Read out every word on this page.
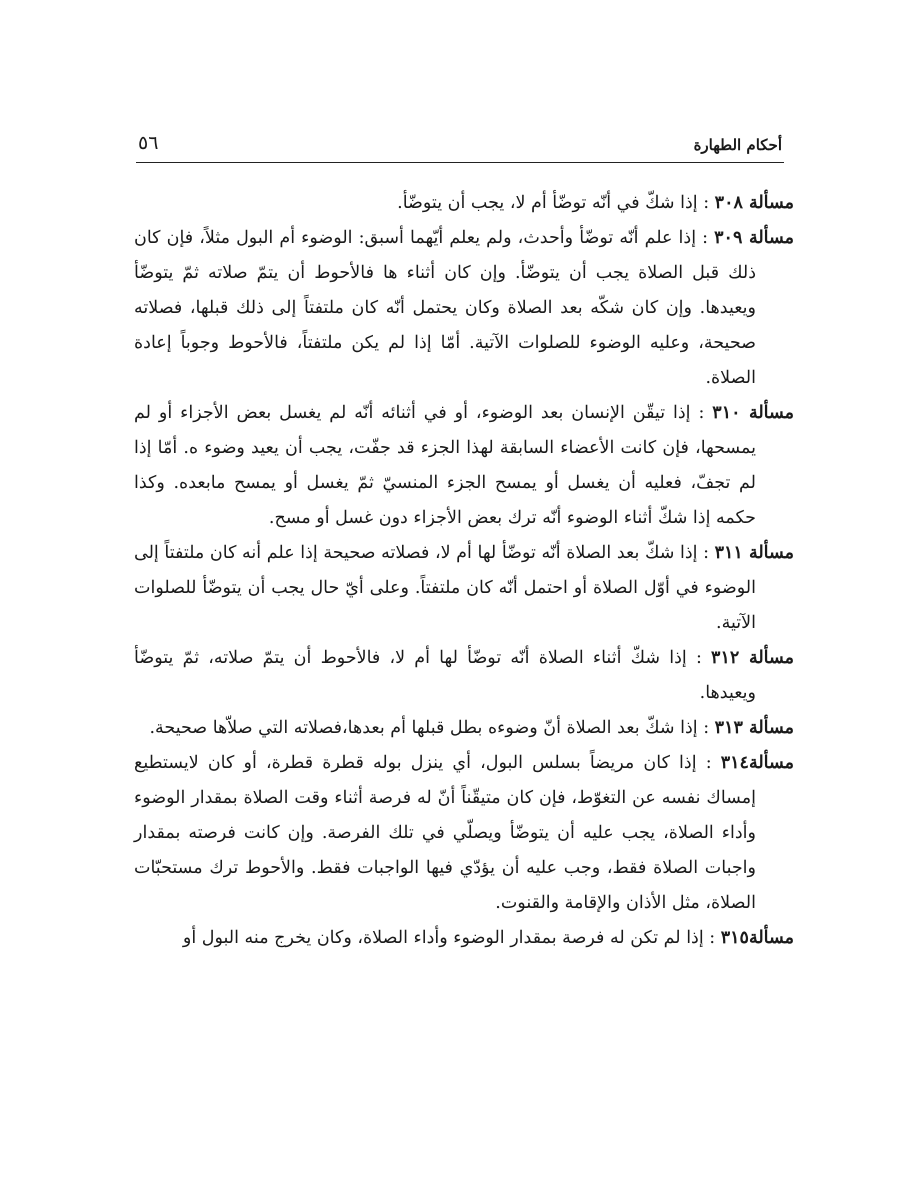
٥٦	أحكام الطهارة

مسألة ٣٠٨ : إذا شكّ في أنّه توضّأ أم لا، يجب أن يتوضّأ.

مسألة ٣٠٩ : إذا علم أنّه توضّأ وأحدث، ولم يعلم أيّهما أسبق: الوضوء أم البول مثلاً، فإن كان ذلك قبل الصلاة يجب أن يتوضّأ. وإن كان أثناء ها فالأحوط أن يتمّ صلاته ثمّ يتوضّأ ويعيدها. وإن كان شكّه بعد الصلاة وكان يحتمل أنّه كان ملتفتاً إلى ذلك قبلها، فصلاته صحيحة، وعليه الوضوء للصلوات الآتية. أمّا إذا لم يكن ملتفتاً، فالأحوط وجوباً إعادة الصلاة.

مسألة ٣١٠ : إذا تيقّن الإنسان بعد الوضوء، أو في أثنائه أنّه لم يغسل بعض الأجزاء أو لم يمسحها، فإن كانت الأعضاء السابقة لهذا الجزء قد جفّت، يجب أن يعيد وضوء ه. أمّا إذا لم تجفّ، فعليه أن يغسل أو يمسح الجزء المنسيّ ثمّ يغسل أو يمسح مابعده. وكذا حكمه إذا شكّ أثناء الوضوء أنّه ترك بعض الأجزاء دون غسل أو مسح.

مسألة ٣١١ : إذا شكّ بعد الصلاة أنّه توضّأ لها أم لا، فصلاته صحيحة إذا علم أنه كان ملتفتاً إلى الوضوء في أوّل الصلاة أو احتمل أنّه كان ملتفتاً. وعلى أيّ حال يجب أن يتوضّأ للصلوات الآتية.

مسألة ٣١٢ : إذا شكّ أثناء الصلاة أنّه توضّأ لها أم لا، فالأحوط أن يتمّ صلاته، ثمّ يتوضّأ ويعيدها.

مسألة ٣١٣ : إذا شكّ بعد الصلاة أنّ وضوءه بطل قبلها أم بعدها،فصلاته التي صلاّها صحيحة.

مسألة٣١٤ : إذا كان مريضاً بسلس البول، أي ينزل بوله قطرة قطرة، أو كان لايستطيع إمساك نفسه عن التغوّط، فإن كان متيقّناً أنّ له فرصة أثناء وقت الصلاة بمقدار الوضوء وأداء الصلاة، يجب عليه أن يتوضّأ ويصلّي في تلك الفرصة. وإن كانت فرصته بمقدار واجبات الصلاة فقط، وجب عليه أن يؤدّي فيها الواجبات فقط. والأحوط ترك مستحبّات الصلاة، مثل الأذان والإقامة والقنوت.

مسألة٣١٥ : إذا لم تكن له فرصة بمقدار الوضوء وأداء الصلاة، وكان يخرج منه البول أو
